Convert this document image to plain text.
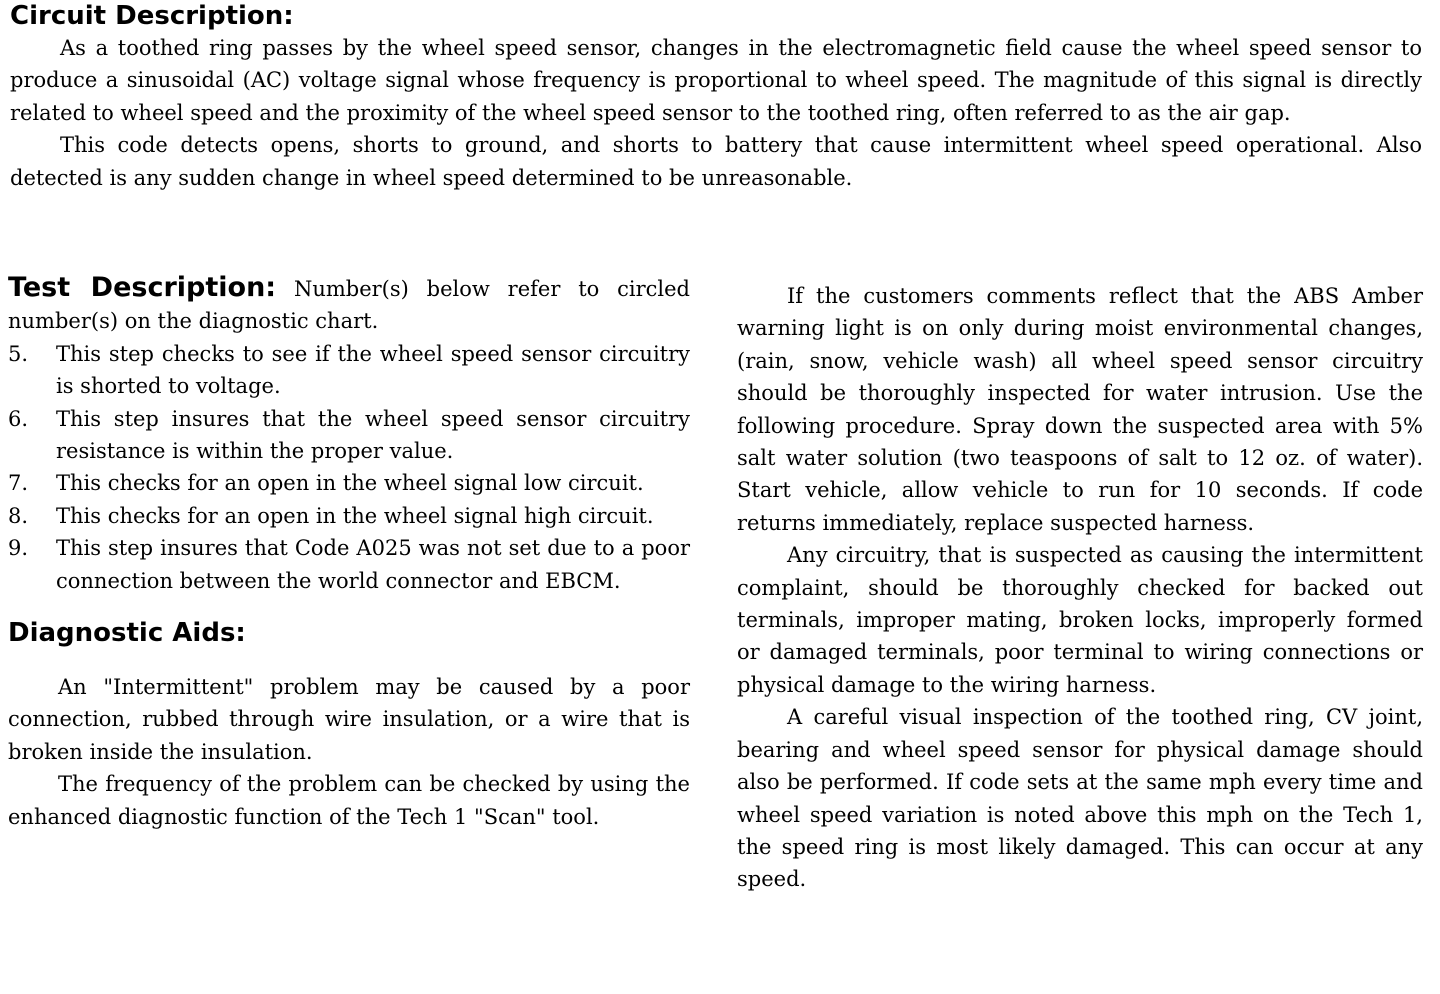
Circuit Description:

As a toothed ring passes by the wheel speed sensor, changes in the electromagnetic field cause the wheel speed sensor to produce a sinusoidal (AC) voltage signal whose frequency is proportional to wheel speed. The magnitude of this signal is directly related to wheel speed and the proximity of the wheel speed sensor to the toothed ring, often referred to as the air gap.

This code detects opens, shorts to ground, and shorts to battery that cause intermittent wheel speed operational. Also detected is any sudden change in wheel speed determined to be unreasonable.

Test Description: Number(s) below refer to circled number(s) on the diagnostic chart.
5. This step checks to see if the wheel speed sensor circuitry is shorted to voltage.
6. This step insures that the wheel speed sensor circuitry resistance is within the proper value.
7. This checks for an open in the wheel signal low circuit.
8. This checks for an open in the wheel signal high circuit.
9. This step insures that Code A025 was not set due to a poor connection between the world connector and EBCM.
Diagnostic Aids:

An "Intermittent" problem may be caused by a poor connection, rubbed through wire insulation, or a wire that is broken inside the insulation.

The frequency of the problem can be checked by using the enhanced diagnostic function of the Tech 1 "Scan" tool.

If the customers comments reflect that the ABS Amber warning light is on only during moist environmental changes, (rain, snow, vehicle wash) all wheel speed sensor circuitry should be thoroughly inspected for water intrusion. Use the following procedure. Spray down the suspected area with 5% salt water solution (two teaspoons of salt to 12 oz. of water). Start vehicle, allow vehicle to run for 10 seconds. If code returns immediately, replace suspected harness.

Any circuitry, that is suspected as causing the intermittent complaint, should be thoroughly checked for backed out terminals, improper mating, broken locks, improperly formed or damaged terminals, poor terminal to wiring connections or physical damage to the wiring harness.

A careful visual inspection of the toothed ring, CV joint, bearing and wheel speed sensor for physical damage should also be performed. If code sets at the same mph every time and wheel speed variation is noted above this mph on the Tech 1, the speed ring is most likely damaged. This can occur at any speed.
